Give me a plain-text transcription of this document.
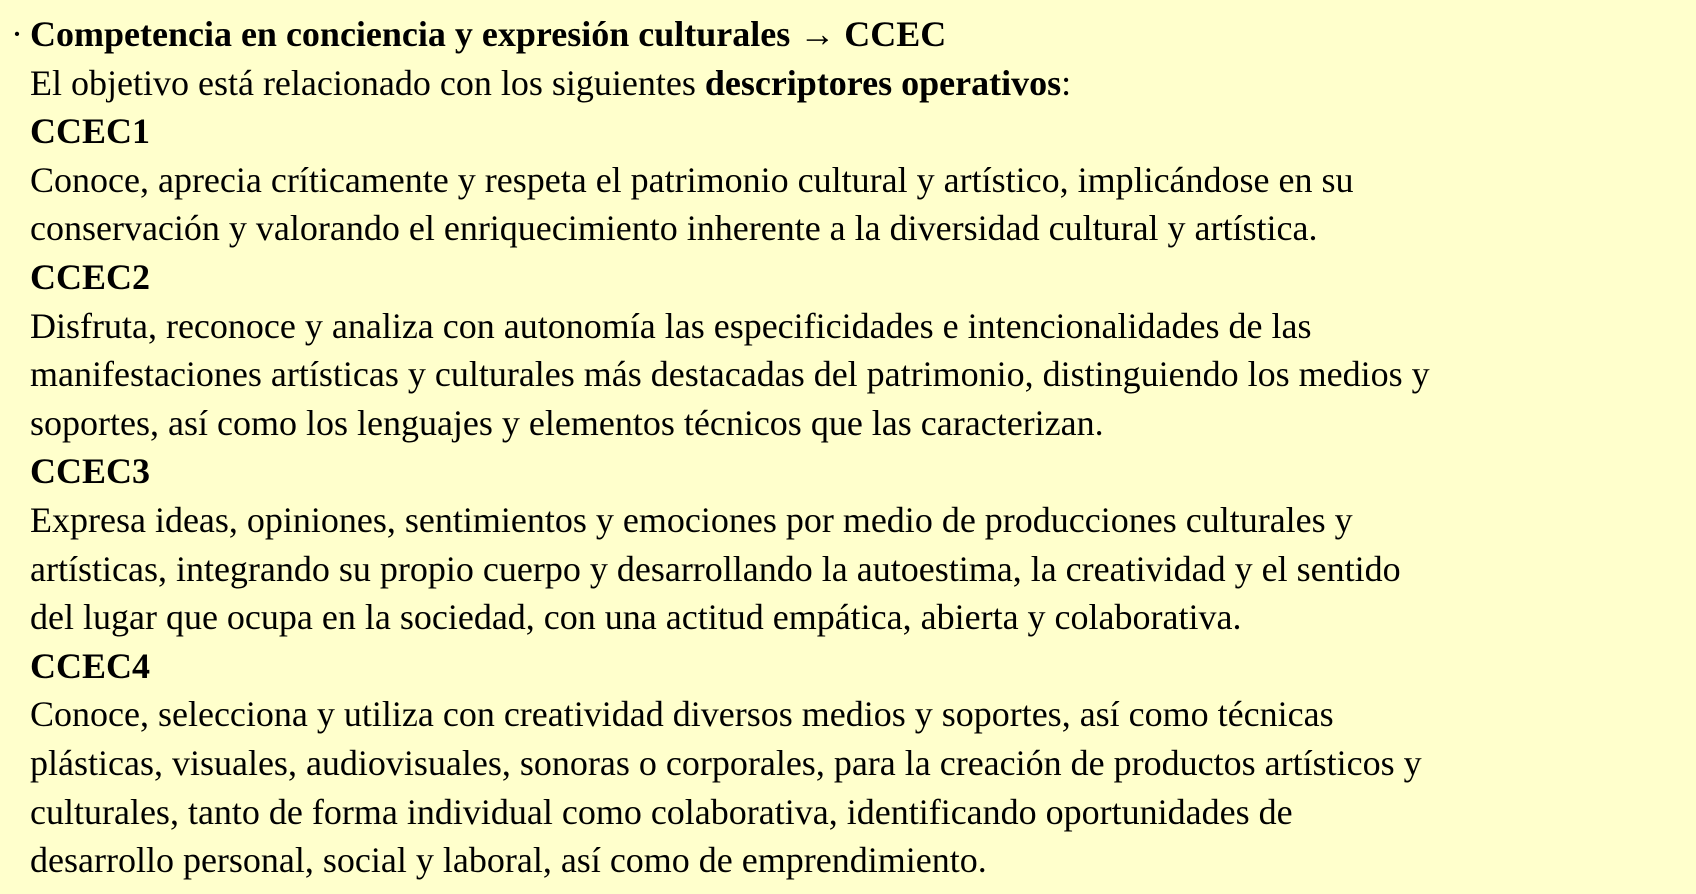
· Competencia en conciencia y expresión culturales → CCEC
El objetivo está relacionado con los siguientes descriptores operativos:
CCEC1
Conoce, aprecia críticamente y respeta el patrimonio cultural y artístico, implicándose en su
conservación y valorando el enriquecimiento inherente a la diversidad cultural y artística.
CCEC2
Disfruta, reconoce y analiza con autonomía las especificidades e intencionalidades de las
manifestaciones artísticas y culturales más destacadas del patrimonio, distinguiendo los medios y
soportes, así como los lenguajes y elementos técnicos que las caracterizan.
CCEC3
Expresa ideas, opiniones, sentimientos y emociones por medio de producciones culturales y
artísticas, integrando su propio cuerpo y desarrollando la autoestima, la creatividad y el sentido
del lugar que ocupa en la sociedad, con una actitud empática, abierta y colaborativa.
CCEC4
Conoce, selecciona y utiliza con creatividad diversos medios y soportes, así como técnicas
plásticas, visuales, audiovisuales, sonoras o corporales, para la creación de productos artísticos y
culturales, tanto de forma individual como colaborativa, identificando oportunidades de
desarrollo personal, social y laboral, así como de emprendimiento.
